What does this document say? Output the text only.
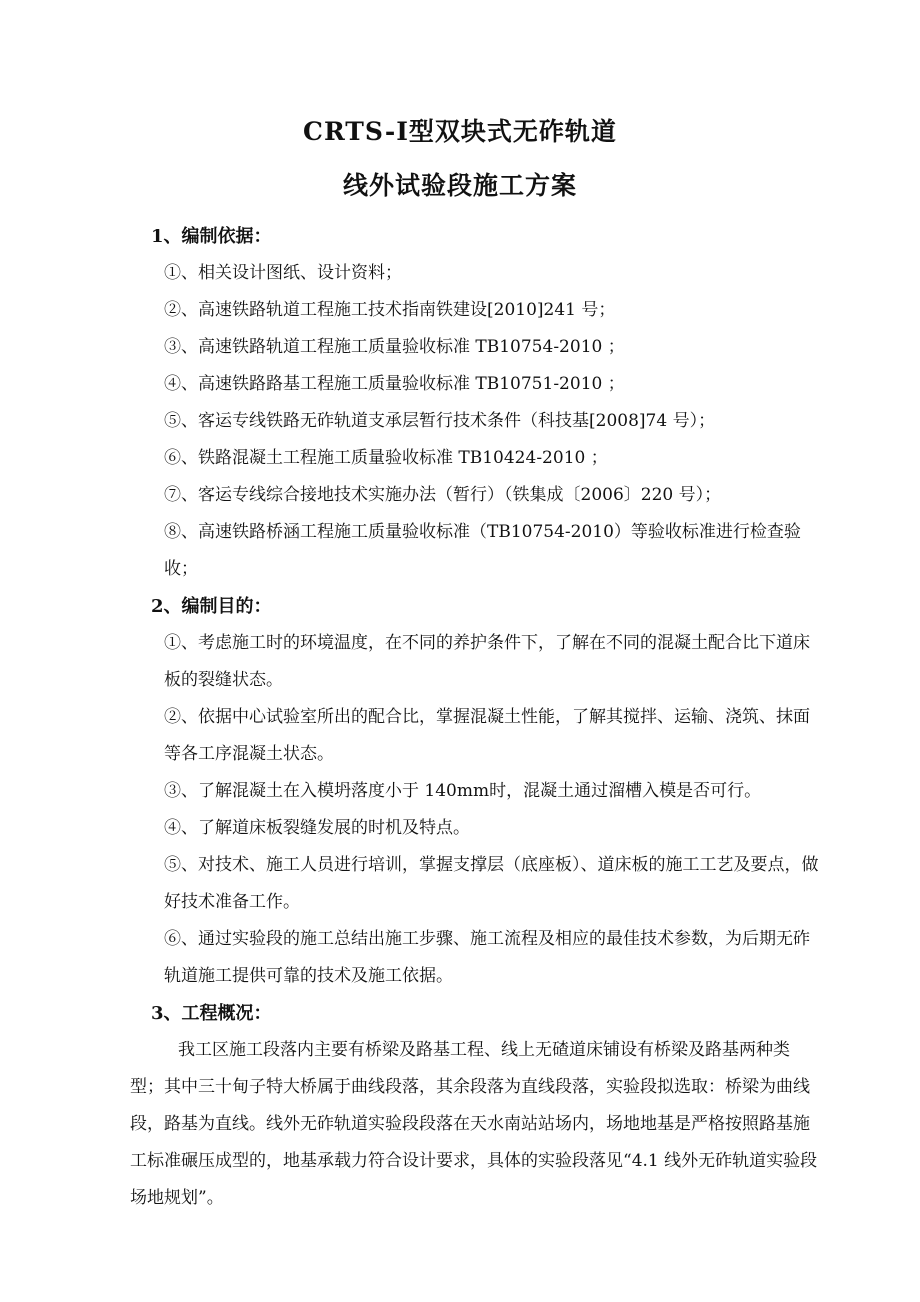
CRTS-Ⅰ型双块式无砟轨道
线外试验段施工方案
1、编制依据：

①、相关设计图纸、设计资料；

②、高速铁路轨道工程施工技术指南铁建设[2010]241 号；

③、高速铁路轨道工程施工质量验收标准 TB10754-2010 ；

④、高速铁路路基工程施工质量验收标准 TB10751-2010 ；

⑤、客运专线铁路无砟轨道支承层暂行技术条件（科技基[2008]74 号）；

⑥、铁路混凝土工程施工质量验收标准 TB10424-2010 ；

⑦、客运专线综合接地技术实施办法（暂行）（铁集成〔2006〕220 号）；

⑧、高速铁路桥涵工程施工质量验收标准（TB10754-2010）等验收标准进行检查验收；

2、编制目的：

①、考虑施工时的环境温度，在不同的养护条件下，了解在不同的混凝土配合比下道床板的裂缝状态。

②、依据中心试验室所出的配合比，掌握混凝土性能，了解其搅拌、运输、浇筑、抹面等各工序混凝土状态。

③、了解混凝土在入模坍落度小于 140mm时，混凝土通过溜槽入模是否可行。

④、了解道床板裂缝发展的时机及特点。

⑤、对技术、施工人员进行培训，掌握支撑层（底座板）、道床板的施工工艺及要点，做好技术准备工作。

⑥、通过实验段的施工总结出施工步骤、施工流程及相应的最佳技术参数，为后期无砟轨道施工提供可靠的技术及施工依据。

3、工程概况：

我工区施工段落内主要有桥梁及路基工程、线上无碴道床铺设有桥梁及路基两种类型；其中三十甸子特大桥属于曲线段落，其余段落为直线段落，实验段拟选取：桥梁为曲线段，路基为直线。线外无砟轨道实验段段落在天水南站站场内，场地地基是严格按照路基施工标准碾压成型的，地基承载力符合设计要求，具体的实验段落见“4.1 线外无砟轨道实验段场地规划”。
